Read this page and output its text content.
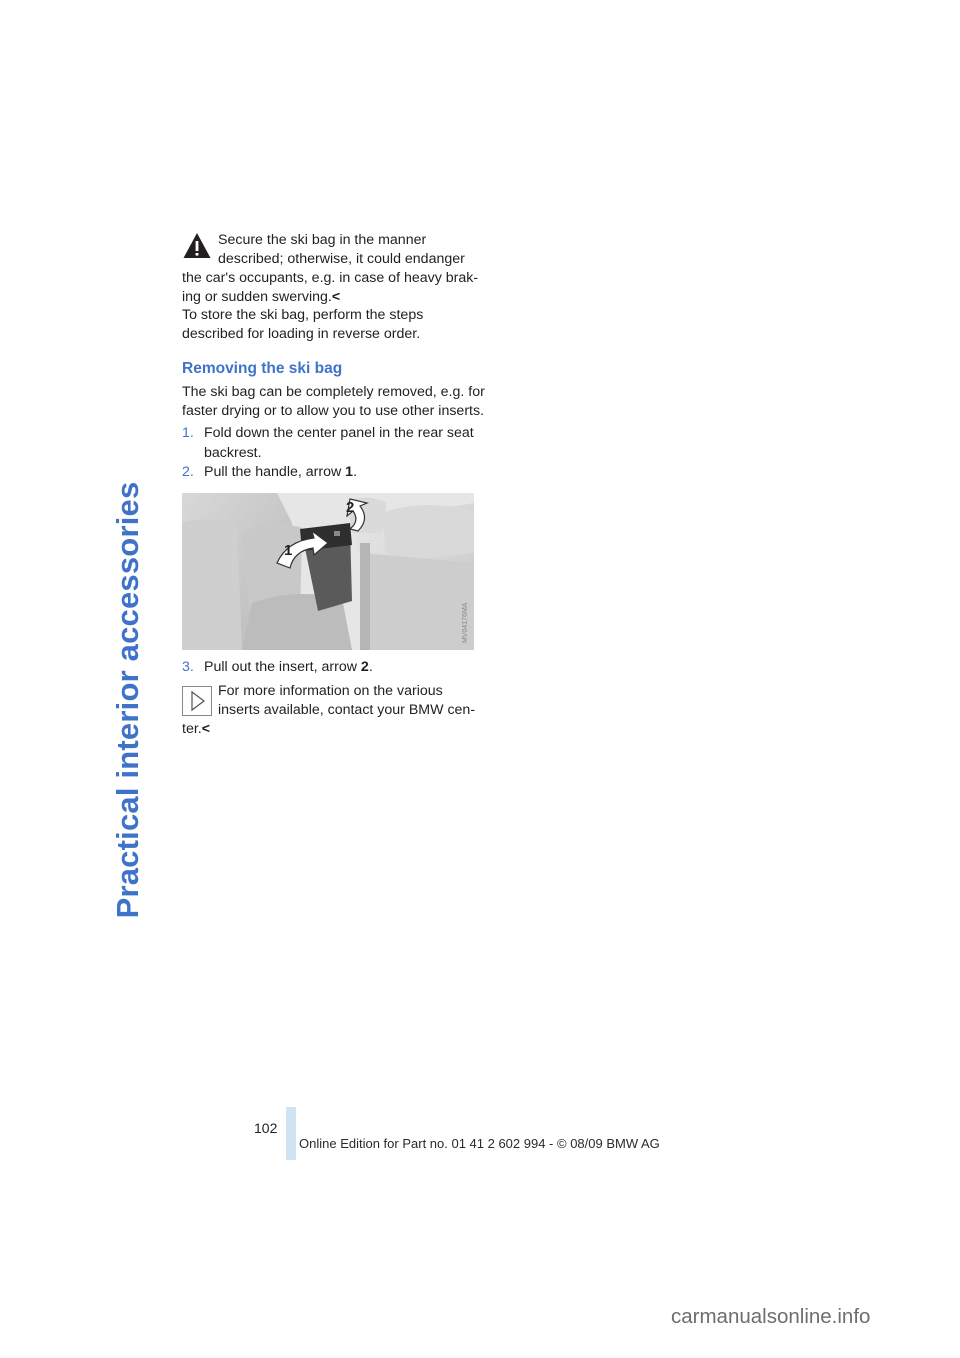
Practical interior accessories

Secure the ski bag in the manner

described; otherwise, it could endanger

the car's occupants, e.g. in case of heavy brak-

ing or sudden swerving.<

To store the ski bag, perform the steps

described for loading in reverse order.

Removing the ski bag

The ski bag can be completely removed, e.g. for

faster drying or to allow you to use other inserts.

1. Fold down the center panel in the rear seat
backrest.
2. Pull the handle, arrow 1.
1
2
MV04176MA
3. Pull out the insert, arrow 2.

For more information on the various

inserts available, contact your BMW cen-

ter.<

102
Online Edition for Part no. 01 41 2 602 994 - © 08/09 BMW AG
carmanualsonline.info
